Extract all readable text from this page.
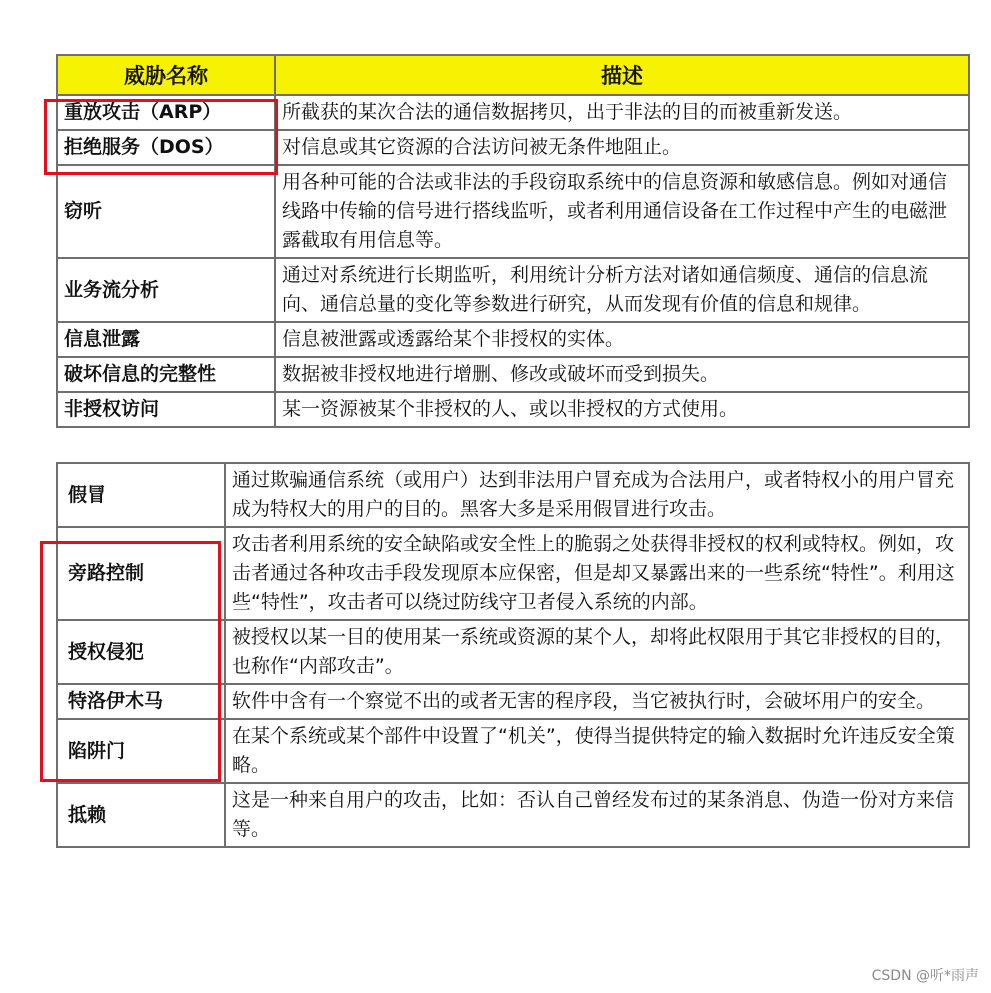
威胁名称	描述
重放攻击（ARP）	所截获的某次合法的通信数据拷贝，出于非法的目的而被重新发送。
拒绝服务（DOS）	对信息或其它资源的合法访问被无条件地阻止。
窃听	用各种可能的合法或非法的手段窃取系统中的信息资源和敏感信息。例如对通信线路中传输的信号进行搭线监听，或者利用通信设备在工作过程中产生的电磁泄露截取有用信息等。
业务流分析	通过对系统进行长期监听，利用统计分析方法对诸如通信频度、通信的信息流向、通信总量的变化等参数进行研究，从而发现有价值的信息和规律。
信息泄露	信息被泄露或透露给某个非授权的实体。
破坏信息的完整性	数据被非授权地进行增删、修改或破坏而受到损失。
非授权访问	某一资源被某个非授权的人、或以非授权的方式使用。
假冒	通过欺骗通信系统（或用户）达到非法用户冒充成为合法用户，或者特权小的用户冒充成为特权大的用户的目的。黑客大多是采用假冒进行攻击。
旁路控制	攻击者利用系统的安全缺陷或安全性上的脆弱之处获得非授权的权利或特权。例如，攻击者通过各种攻击手段发现原本应保密，但是却又暴露出来的一些系统“特性”。利用这些“特性”，攻击者可以绕过防线守卫者侵入系统的内部。
授权侵犯	被授权以某一目的使用某一系统或资源的某个人，却将此权限用于其它非授权的目的，也称作“内部攻击”。
特洛伊木马	软件中含有一个察觉不出的或者无害的程序段，当它被执行时，会破坏用户的安全。
陷阱门	在某个系统或某个部件中设置了“机关”，使得当提供特定的输入数据时允许违反安全策略。
抵赖	这是一种来自用户的攻击，比如：否认自己曾经发布过的某条消息、伪造一份对方来信等。
CSDN @听*雨声
